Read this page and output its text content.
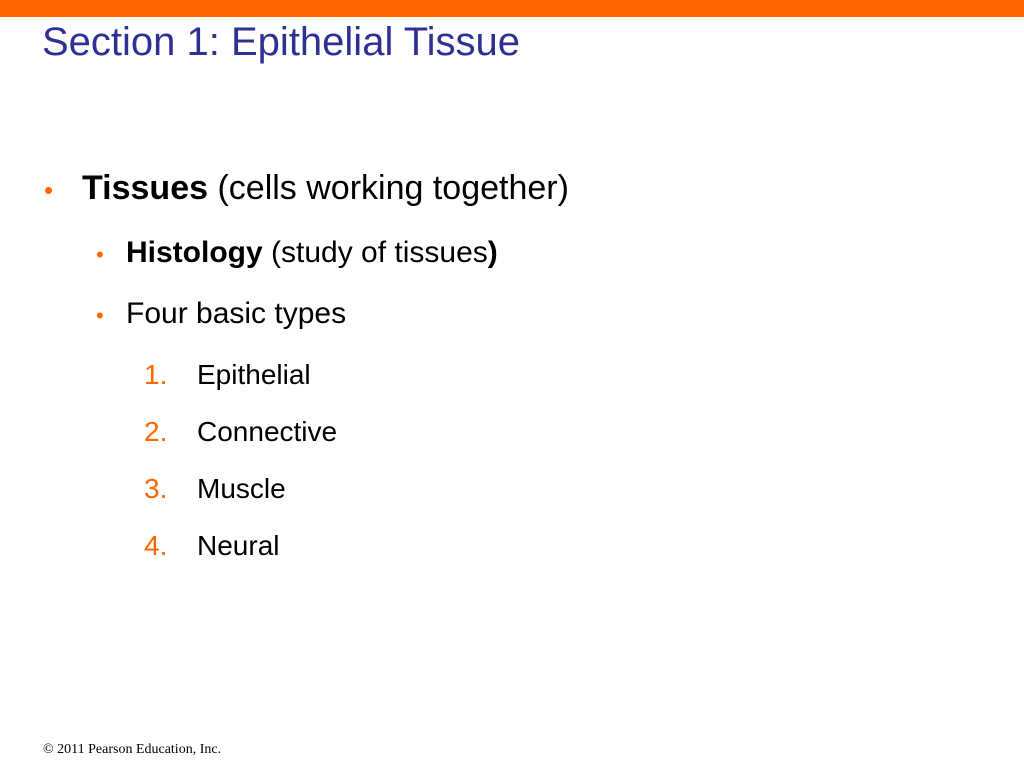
Section 1: Epithelial Tissue
• Tissues (cells working together)
• Histology (study of tissues)
• Four basic types
1.	Epithelial
2.	Connective
3.	Muscle
4.	Neural
© 2011 Pearson Education, Inc.
